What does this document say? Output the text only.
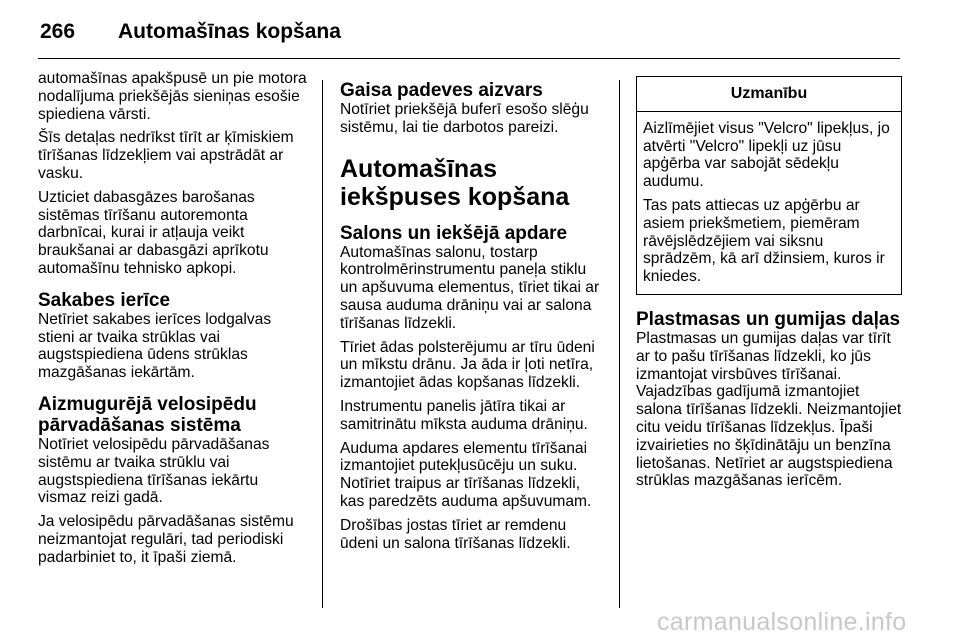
266 Automašīnas kopšana

automašīnas apakšpusē un pie motora nodalījuma priekšējās sieniņas esošie spiediena vārsti.

Šīs detaļas nedrīkst tīrīt ar ķīmiskiem tīrīšanas līdzekļiem vai apstrādāt ar vasku.

Uzticiet dabasgāzes barošanas sistēmas tīrīšanu autoremonta darbnīcai, kurai ir atļauja veikt braukšanai ar dabasgāzi aprīkotu automašīnu tehnisko apkopi.

Sakabes ierīce

Netīriet sakabes ierīces lodgalvas stieni ar tvaika strūklas vai augstspiediena ūdens strūklas mazgāšanas iekārtām.

Aizmugurējā velosipēdu pārvadāšanas sistēma

Notīriet velosipēdu pārvadāšanas sistēmu ar tvaika strūklu vai augstspiediena tīrīšanas iekārtu vismaz reizi gadā.

Ja velosipēdu pārvadāšanas sistēmu neizmantojat regulāri, tad periodiski padarbiniet to, it īpaši ziemā.

Gaisa padeves aizvars

Notīriet priekšējā buferī esošo slēģu sistēmu, lai tie darbotos pareizi.

Automašīnas iekšpuses kopšana
Salons un iekšējā apdare

Automašīnas salonu, tostarp kontrolmērinstrumentu paneļa stiklu un apšuvuma elementus, tīriet tikai ar sausa auduma drāniņu vai ar salona tīrīšanas līdzekli.

Tīriet ādas polsterējumu ar tīru ūdeni un mīkstu drānu. Ja āda ir ļoti netīra, izmantojiet ādas kopšanas līdzekli.

Instrumentu panelis jātīra tikai ar samitrinātu mīksta auduma drāniņu.

Auduma apdares elementu tīrīšanai izmantojiet putekļusūcēju un suku. Notīriet traipus ar tīrīšanas līdzekli, kas paredzēts auduma apšuvumam.

Drošības jostas tīriet ar remdenu ūdeni un salona tīrīšanas līdzekli.

Uzmanību

Aizlīmējiet visus "Velcro" lipekļus, jo atvērti "Velcro" lipekļi uz jūsu apģērba var sabojāt sēdekļu audumu.

Tas pats attiecas uz apģērbu ar asiem priekšmetiem, piemēram rāvējslēdzējiem vai siksnu sprādzēm, kā arī džinsiem, kuros ir kniedes.

Plastmasas un gumijas daļas

Plastmasas un gumijas daļas var tīrīt ar to pašu tīrīšanas līdzekli, ko jūs izmantojat virsbūves tīrīšanai. Vajadzības gadījumā izmantojiet salona tīrīšanas līdzekli. Neizmantojiet citu veidu tīrīšanas līdzekļus. Īpaši izvairieties no šķīdinātāju un benzīna lietošanas. Netīriet ar augstspiediena strūklas mazgāšanas ierīcēm.

carmanualsonline.info
